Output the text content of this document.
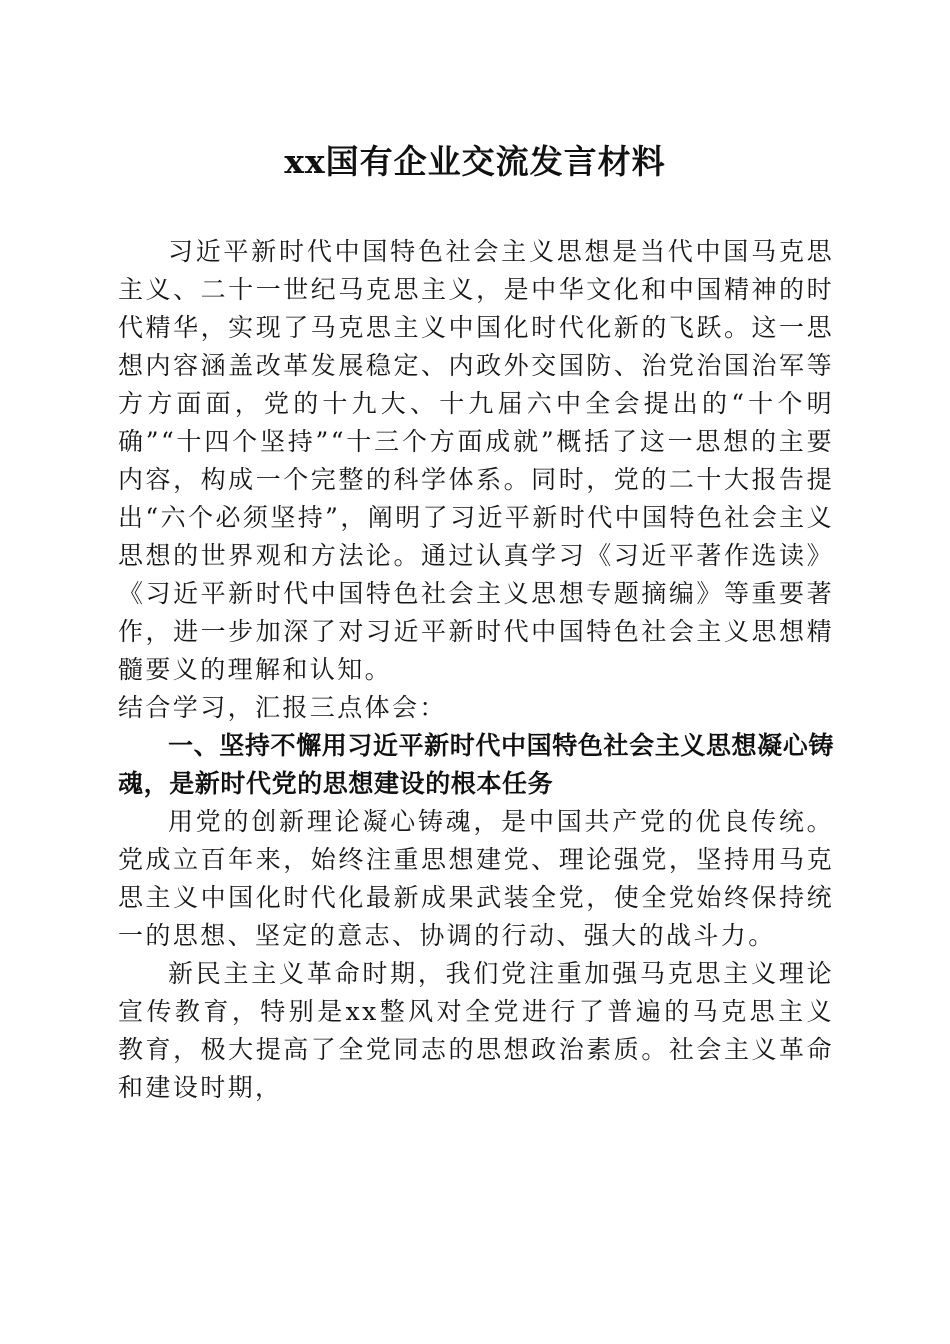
xx国有企业交流发言材料

习近平新时代中国特色社会主义思想是当代中国马克思主义、二十一世纪马克思主义，是中华文化和中国精神的时代精华，实现了马克思主义中国化时代化新的飞跃。这一思想内容涵盖改革发展稳定、内政外交国防、治党治国治军等方方面面，党的十九大、十九届六中全会提出的“十个明确”“十四个坚持”“十三个方面成就”概括了这一思想的主要内容，构成一个完整的科学体系。同时，党的二十大报告提出“六个必须坚持”，阐明了习近平新时代中国特色社会主义思想的世界观和方法论。通过认真学习《习近平著作选读》《习近平新时代中国特色社会主义思想专题摘编》等重要著作，进一步加深了对习近平新时代中国特色社会主义思想精髓要义的理解和认知。

结合学习，汇报三点体会：

一、坚持不懈用习近平新时代中国特色社会主义思想凝心铸魂，是新时代党的思想建设的根本任务

用党的创新理论凝心铸魂，是中国共产党的优良传统。党成立百年来，始终注重思想建党、理论强党，坚持用马克思主义中国化时代化最新成果武装全党，使全党始终保持统一的思想、坚定的意志、协调的行动、强大的战斗力。

新民主主义革命时期，我们党注重加强马克思主义理论宣传教育，特别是xx整风对全党进行了普遍的马克思主义教育，极大提高了全党同志的思想政治素质。社会主义革命和建设时期，
